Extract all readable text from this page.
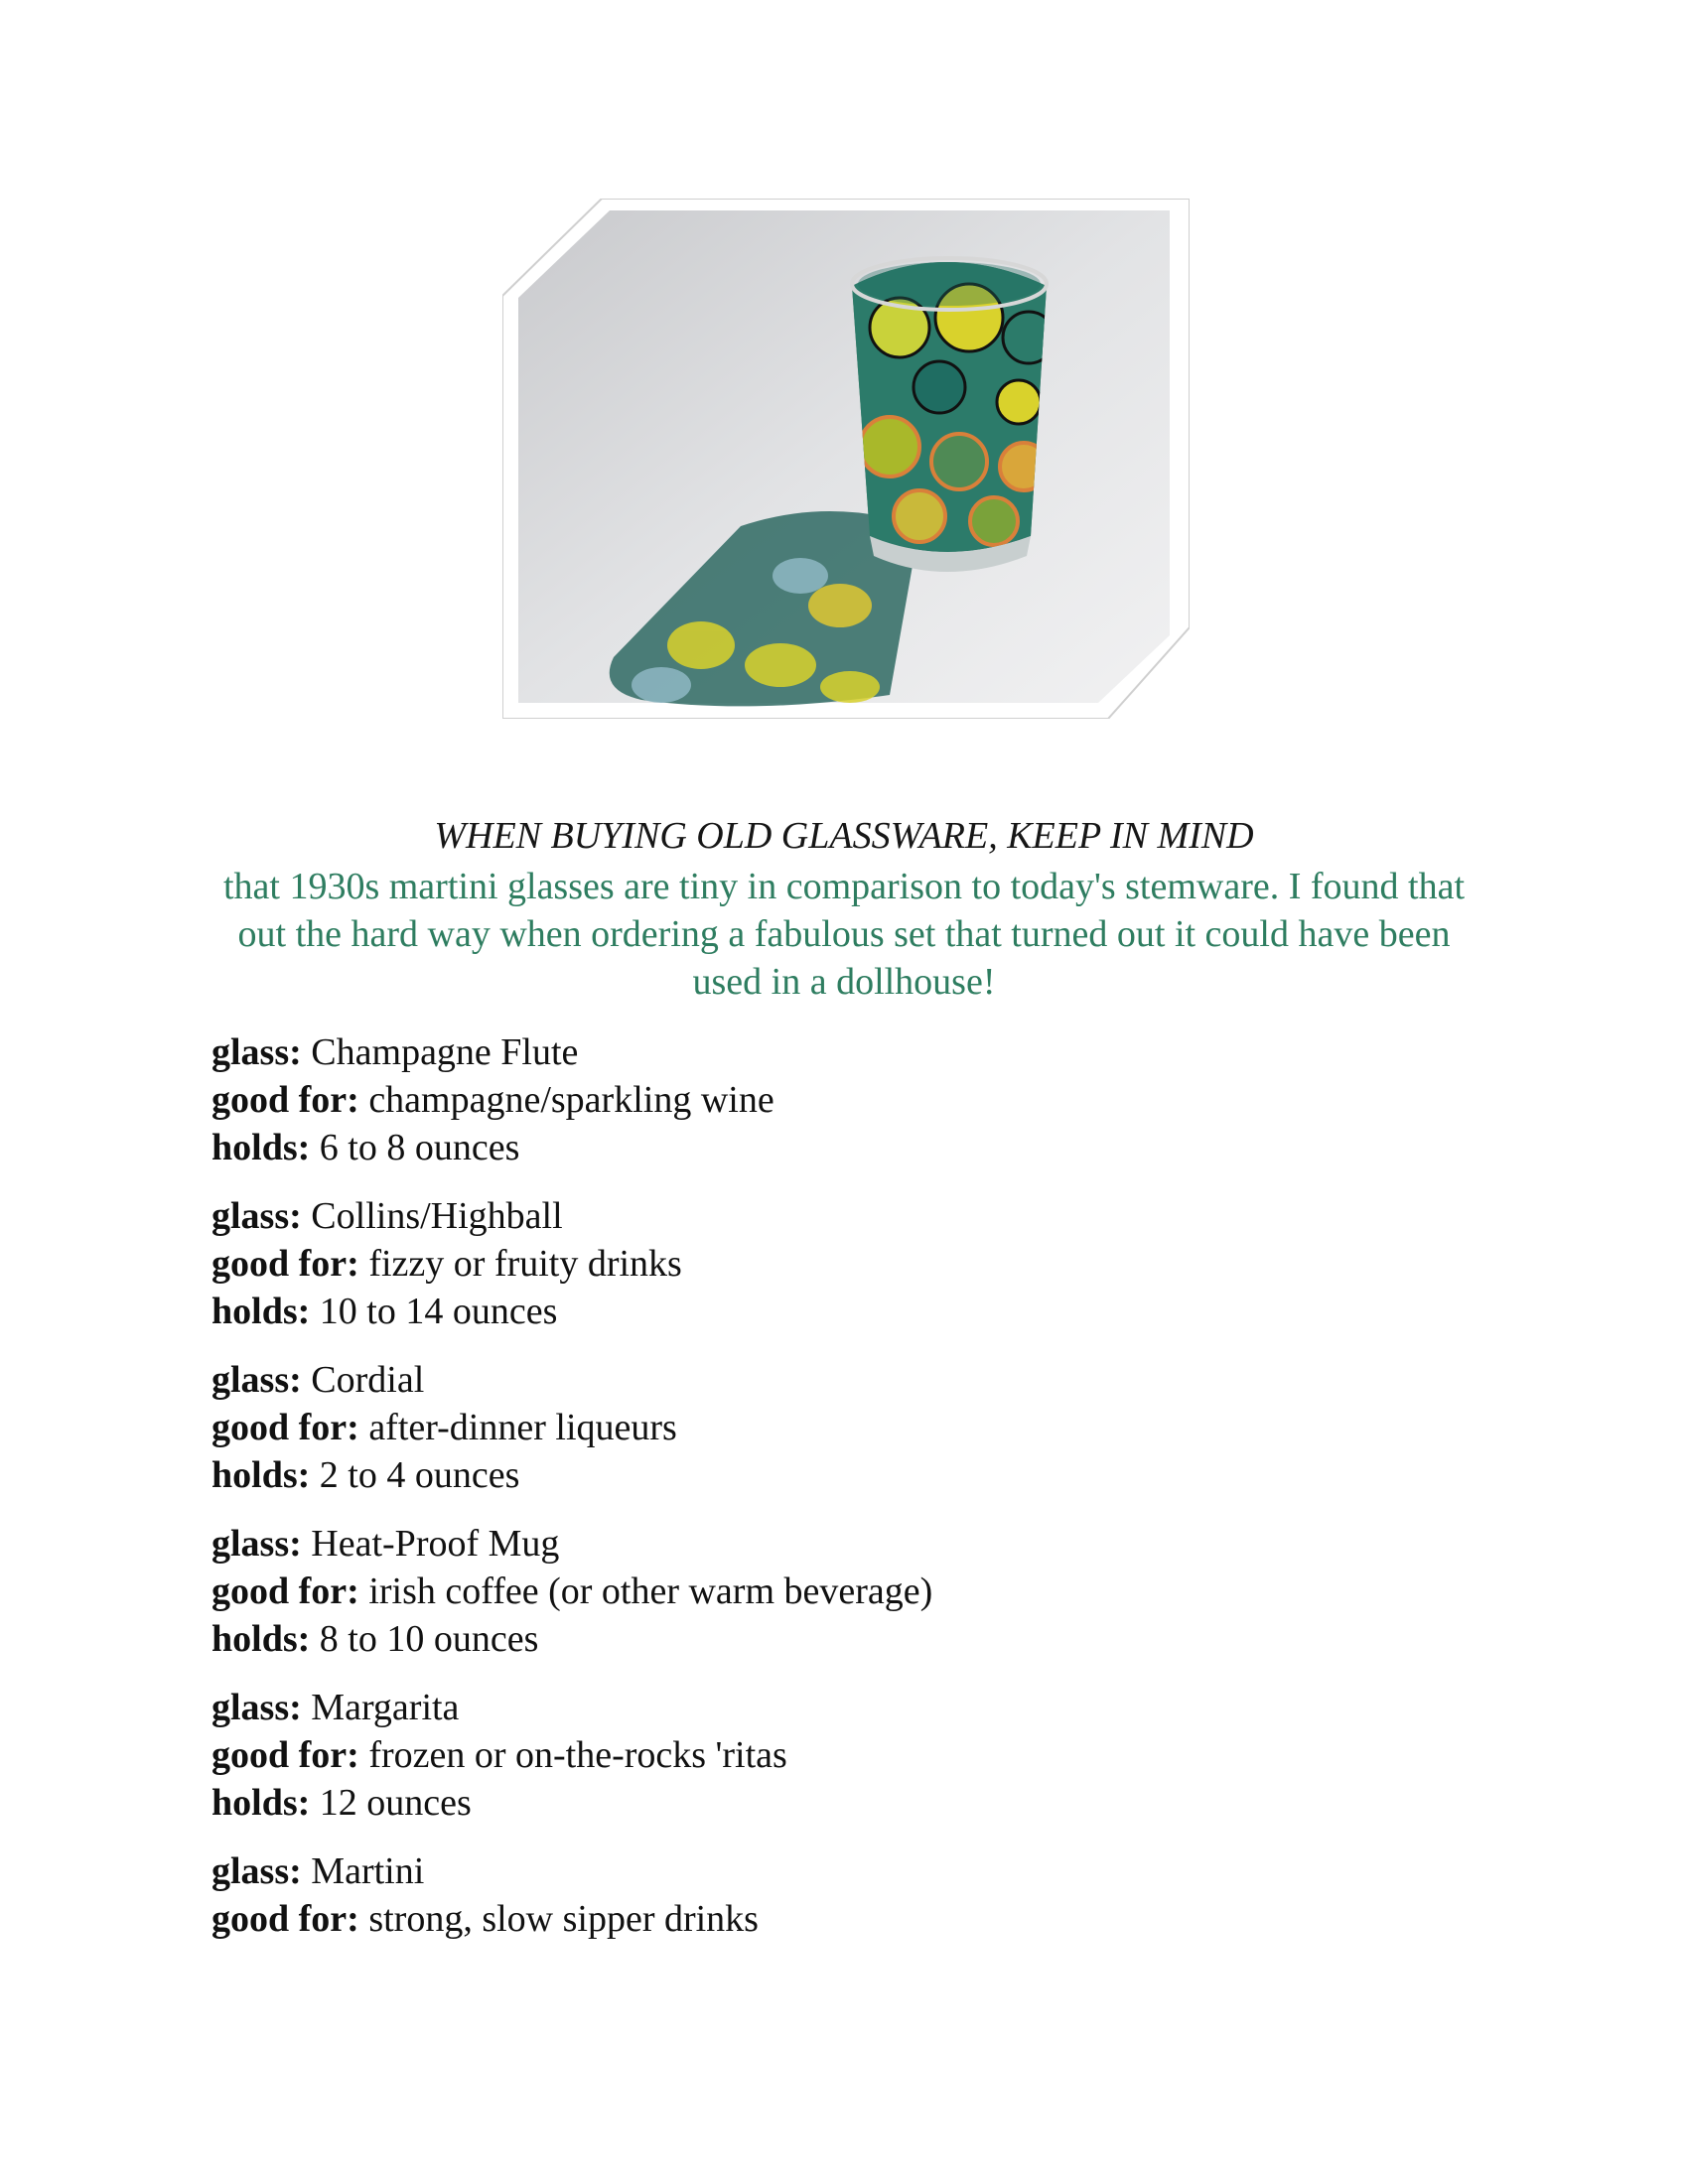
WHEN BUYING OLD GLASSWARE, KEEP IN MIND
that 1930s martini glasses are tiny in comparison to today's stemware. I found that out the hard way when ordering a fabulous set that turned out it could have been used in a dollhouse!
glass: Champagne Flute
good for: champagne/sparkling wine
holds: 6 to 8 ounces
glass: Collins/Highball
good for: fizzy or fruity drinks
holds: 10 to 14 ounces
glass: Cordial
good for: after-dinner liqueurs
holds: 2 to 4 ounces
glass: Heat-Proof Mug
good for: irish coffee (or other warm beverage)
holds: 8 to 10 ounces
glass: Margarita
good for: frozen or on-the-rocks 'ritas
holds: 12 ounces
glass: Martini
good for: strong, slow sipper drinks
